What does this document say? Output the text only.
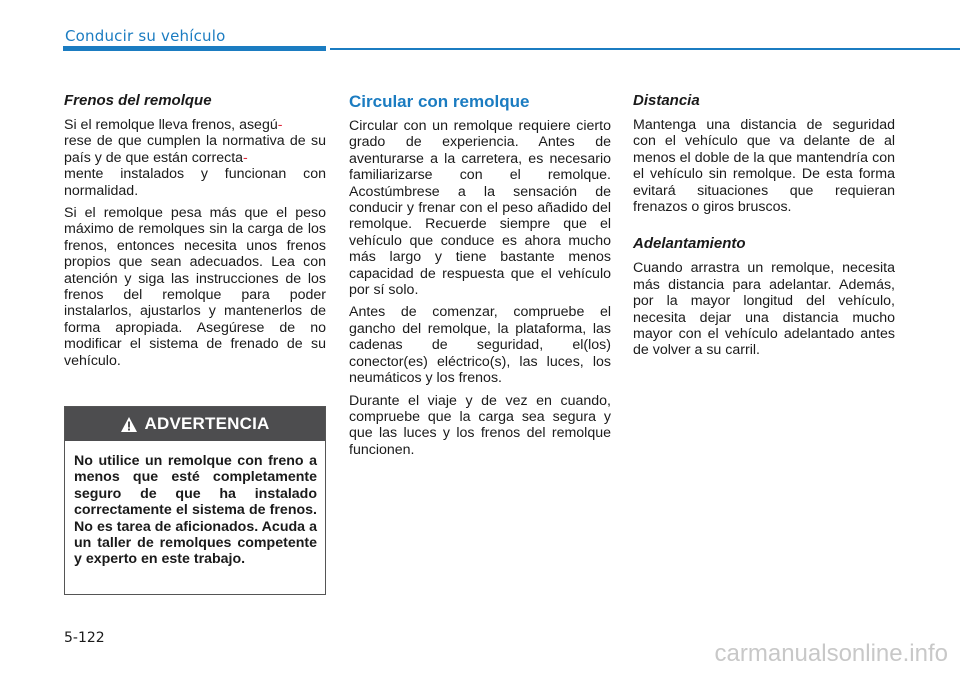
Conducir su vehículo
Frenos del remolque

Si el remolque lleva frenos, asegú-
rese de que cumplen la normativa de su país y de que están correcta-
mente instalados y funcionan con normalidad.

Si el remolque pesa más que el peso máximo de remolques sin la carga de los frenos, entonces necesita unos frenos propios que sean adecuados. Lea con atención y siga las instrucciones de los frenos del remolque para poder instalarlos, ajustarlos y mantenerlos de forma apropiada. Asegúrese de no modificar el sistema de frenado de su vehículo.

ADVERTENCIA
No utilice un remolque con freno a menos que esté completamente seguro de que ha instalado correctamente el sistema de frenos. No es tarea de aficionados. Acuda a un taller de remolques competente y experto en este trabajo.
Circular con remolque

Circular con un remolque requiere cierto grado de experiencia. Antes de aventurarse a la carretera, es necesario familiarizarse con el remolque. Acostúmbrese a la sensación de conducir y frenar con el peso añadido del remolque. Recuerde siempre que el vehículo que conduce es ahora mucho más largo y tiene bastante menos capacidad de respuesta que el vehículo por sí solo.

Antes de comenzar, compruebe el gancho del remolque, la plataforma, las cadenas de seguridad, el(los) conector(es) eléctrico(s), las luces, los neumáticos y los frenos.

Durante el viaje y de vez en cuando, compruebe que la carga sea segura y que las luces y los frenos del remolque funcionen.

Distancia

Mantenga una distancia de seguridad con el vehículo que va delante de al menos el doble de la que mantendría con el vehículo sin remolque. De esta forma evitará situaciones que requieran frenazos o giros bruscos.

Adelantamiento

Cuando arrastra un remolque, necesita más distancia para adelantar. Además, por la mayor longitud del vehículo, necesita dejar una distancia mucho mayor con el vehículo adelantado antes de volver a su carril.

5-122
carmanualsonline.info
